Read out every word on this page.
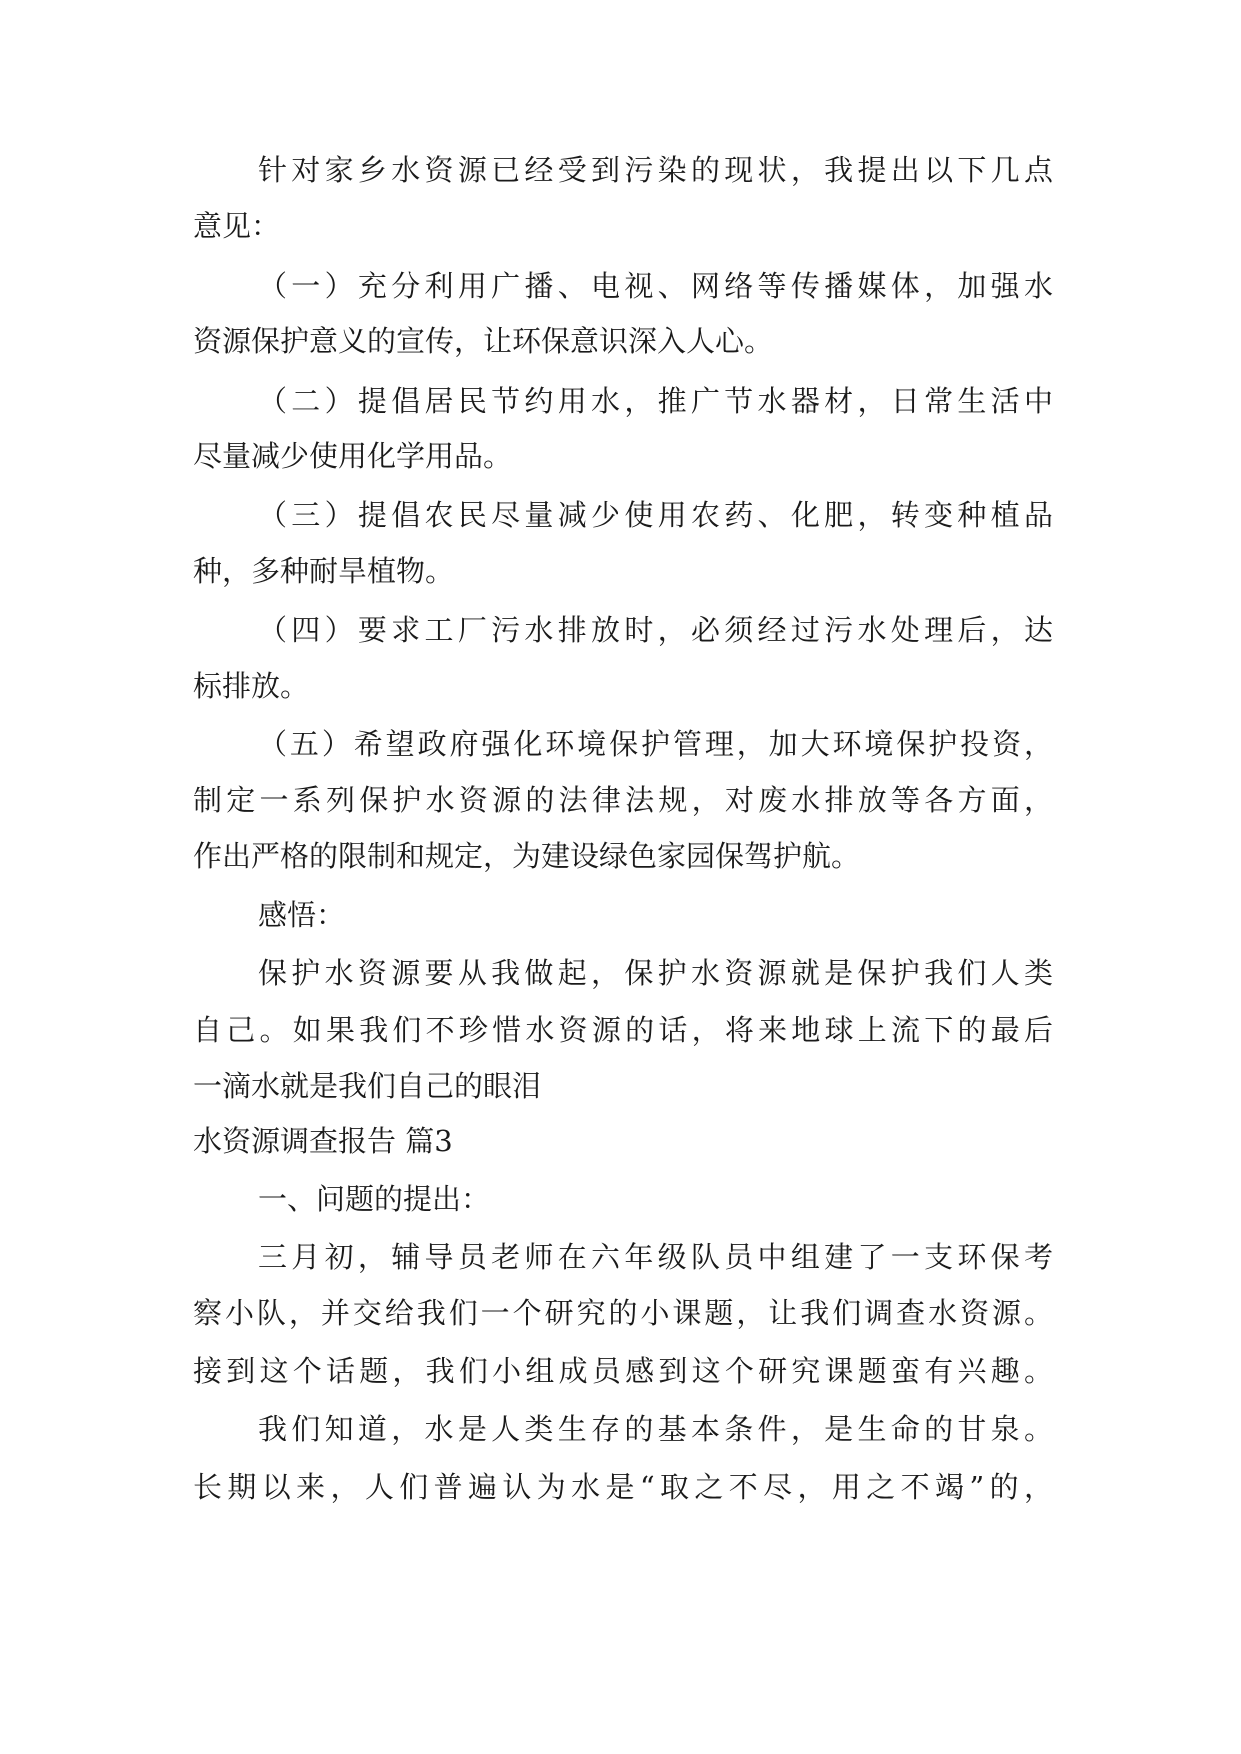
针对家乡水资源已经受到污染的现状，我提出以下几点
意见：
（一）充分利用广播、电视、网络等传播媒体，加强水
资源保护意义的宣传，让环保意识深入人心。
（二）提倡居民节约用水，推广节水器材，日常生活中
尽量减少使用化学用品。
（三）提倡农民尽量减少使用农药、化肥，转变种植品
种，多种耐旱植物。
（四）要求工厂污水排放时，必须经过污水处理后，达
标排放。
（五）希望政府强化环境保护管理，加大环境保护投资，
制定一系列保护水资源的法律法规，对废水排放等各方面，
作出严格的限制和规定，为建设绿色家园保驾护航。
感悟：
保护水资源要从我做起，保护水资源就是保护我们人类
自己。如果我们不珍惜水资源的话，将来地球上流下的最后
一滴水就是我们自己的眼泪
水资源调查报告 篇3
一、问题的提出：
三月初，辅导员老师在六年级队员中组建了一支环保考
察小队，并交给我们一个研究的小课题，让我们调查水资源。
接到这个话题，我们小组成员感到这个研究课题蛮有兴趣。
我们知道，水是人类生存的基本条件，是生命的甘泉。
长期以来，人们普遍认为水是“取之不尽，用之不竭”的，
